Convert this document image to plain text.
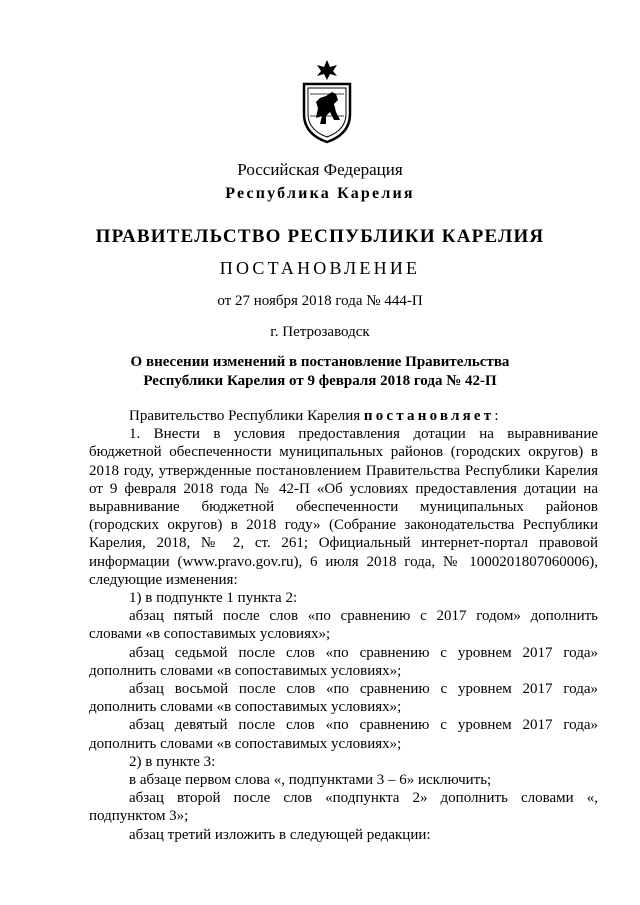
Российская Федерация
Республика Карелия
ПРАВИТЕЛЬСТВО РЕСПУБЛИКИ КАРЕЛИЯ
ПОСТАНОВЛЕНИЕ
от 27 ноября 2018 года № 444-П
г. Петрозаводск
О внесении изменений в постановление Правительства
Республики Карелия от 9 февраля 2018 года № 42-П

Правительство Республики Карелия постановляет:

1. Внести в условия предоставления дотации на выравнивание бюджетной обеспеченности муниципальных районов (городских округов) в 2018 году, утвержденные постановлением Правительства Республики Карелия от 9 февраля 2018 года № 42-П «Об условиях предоставления дотации на выравнивание бюджетной обеспеченности муниципальных районов (городских округов) в 2018 году» (Собрание законодательства Республики Карелия, 2018, № 2, ст. 261; Официальный интернет-портал правовой информации (www.pravo.gov.ru), 6 июля 2018 года, № 1000201807060006), следующие изменения:

1) в подпункте 1 пункта 2:

абзац пятый после слов «по сравнению с 2017 годом» дополнить словами «в сопоставимых условиях»;

абзац седьмой после слов «по сравнению с уровнем 2017 года» дополнить словами «в сопоставимых условиях»;

абзац восьмой после слов «по сравнению с уровнем 2017 года» дополнить словами «в сопоставимых условиях»;

абзац девятый после слов «по сравнению с уровнем 2017 года» дополнить словами «в сопоставимых условиях»;

2) в пункте 3:

в абзаце первом слова «, подпунктами 3 – 6» исключить;

абзац второй после слов «подпункта 2» дополнить словами «, подпунктом 3»;

абзац третий изложить в следующей редакции:
